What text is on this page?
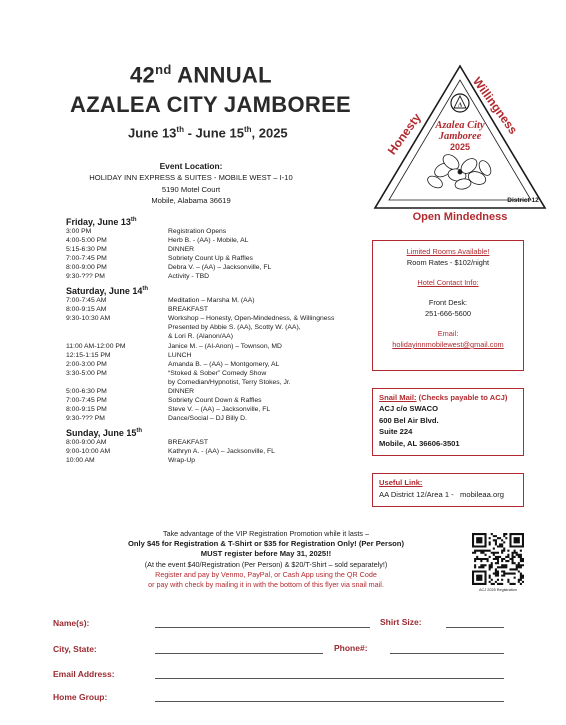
42nd ANNUAL
AZALEA CITY JAMBOREE
June 13th - June 15th, 2025
Event Location:
HOLIDAY INN EXPRESS & SUITES - MOBILE WEST – I-10
5190 Motel Court
Mobile, Alabama 36619
Honesty
Willingness
A
Azalea City
Jamboree
2025
District 12
Open Mindedness
Friday, June 13th
3:00 PM	Registration Opens
4:00-5:00 PM	Herb B. - (AA) - Mobile, AL
5:15-6:30 PM	DINNER
7:00-7:45 PM	Sobriety Count Up & Raffles
8:00-9:00 PM	Debra V. – (AA) – Jacksonville, FL
9:30-??? PM	Activity - TBD
Saturday, June 14th
7:00-7:45 AM	Meditation – Marsha M. (AA)
8:00-9:15 AM	BREAKFAST
9:30-10:30 AM	Workshop – Honesty, Open-Mindedness, & Willingness
Presented by Abbie S. (AA), Scotty W. (AA),
& Lori R. (Alanon/AA)
11:00 AM-12:00 PM	Janice M. – (Al-Anon) – Townson, MD
12:15-1:15 PM	LUNCH
2:00-3:00 PM	Amanda B. – (AA) – Montgomery, AL
3:30-5:00 PM	“Stoked & Sober” Comedy Show
by Comedian/Hypnotist, Terry Stokes, Jr.
5:00-6:30 PM	DINNER
7:00-7:45 PM	Sobriety Count Down & Raffles
8:00-9:15 PM	Steve V. – (AA) – Jacksonville, FL
9:30-??? PM	Dance/Social – DJ Billy D.
Sunday, June 15th
8:00-9:00 AM	BREAKFAST
9:00-10:00 AM	Kathryn A. - (AA) – Jacksonville, FL
10:00 AM	Wrap-Up
Limited Rooms Available!
Room Rates - $102/night
Hotel Contact Info:
Front Desk:
251-666-5600
Email:
holidayinnmobilewest@gmail.com
Snail Mail: (Checks payable to ACJ)
ACJ c/o SWACO
600 Bel Air Blvd.
Suite 224
Mobile, AL 36606-3501
Useful Link:
AA District 12/Area 1 - mobileaa.org
Take advantage of the VIP Registration Promotion while it lasts –
Only $45 for Registration & T-Shirt or $35 for Registration Only! (Per Person)
MUST register before May 31, 2025!!
(At the event $40/Registration (Per Person) & $20/T-Shirt – sold separately!)
Register and pay by Venmo, PayPal, or Cash App using the QR Code
or pay with check by mailing it in with the bottom of this flyer via snail mail.
ACJ 2025 Registration
Name(s):	Shirt Size:
City, State:	Phone#:
Email Address:
Home Group:
